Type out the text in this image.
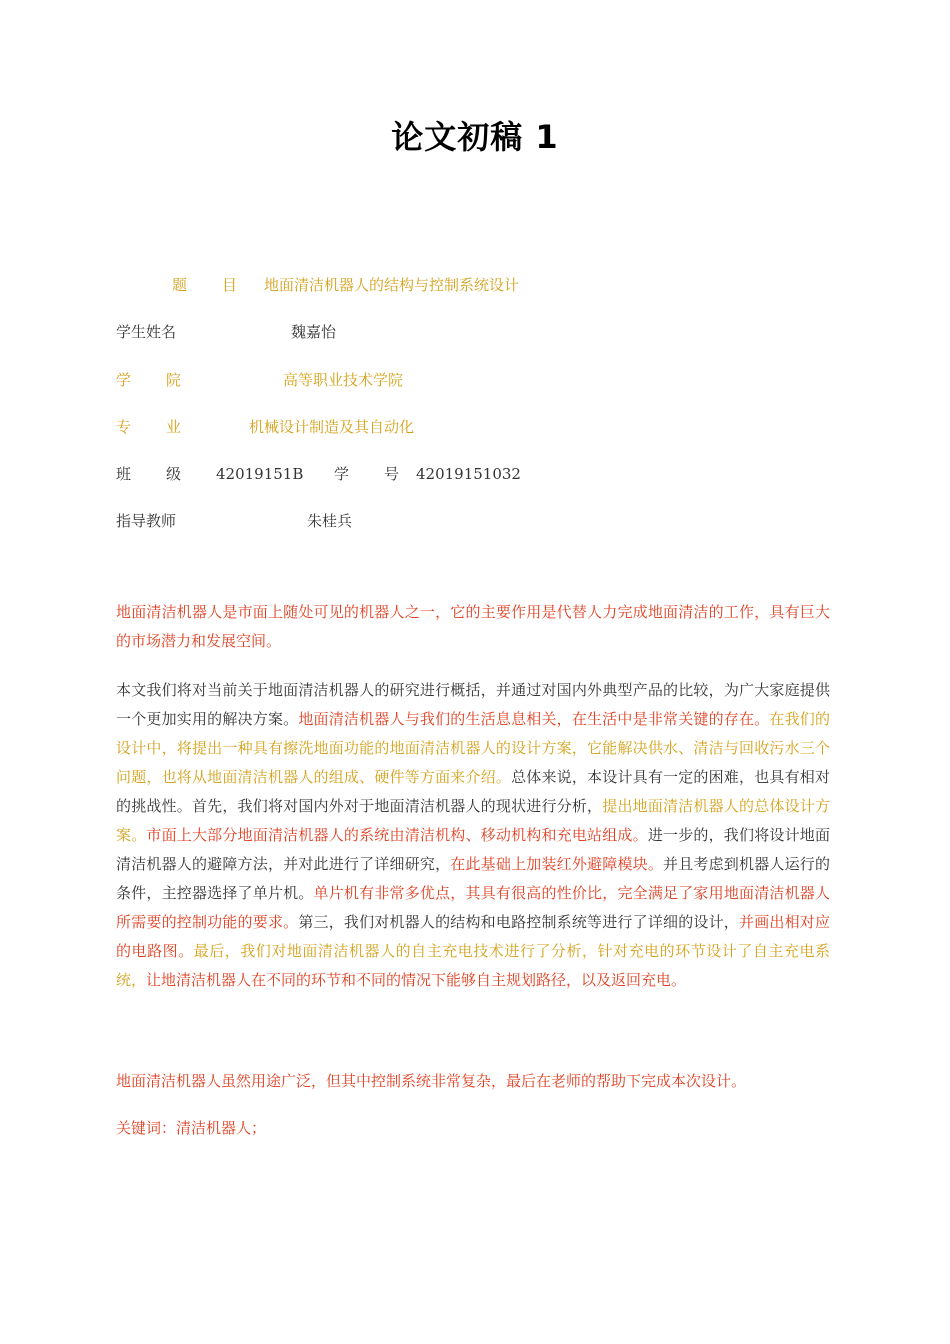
论文初稿 1
题 目 地面清洁机器人的结构与控制系统设计
学生姓名	魏嘉怡
学 院	高等职业技术学院
专 业	机械设计制造及其自动化
班 级 42019151B 学 号 42019151032
指导教师	朱桂兵

地面清洁机器人是市面上随处可见的机器人之一，它的主要作用是代替人力完成地面清洁的工作，具有巨大的市场潜力和发展空间。

本文我们将对当前关于地面清洁机器人的研究进行概括，并通过对国内外典型产品的比较，为广大家庭提供一个更加实用的解决方案。地面清洁机器人与我们的生活息息相关，在生活中是非常关键的存在。在我们的设计中，将提出一种具有擦洗地面功能的地面清洁机器人的设计方案，它能解决供水、清洁与回收污水三个问题，也将从地面清洁机器人的组成、硬件等方面来介绍。总体来说，本设计具有一定的困难，也具有相对的挑战性。首先，我们将对国内外对于地面清洁机器人的现状进行分析，提出地面清洁机器人的总体设计方案。市面上大部分地面清洁机器人的系统由清洁机构、移动机构和充电站组成。进一步的，我们将设计地面清洁机器人的避障方法，并对此进行了详细研究，在此基础上加装红外避障模块。并且考虑到机器人运行的条件，主控器选择了单片机。单片机有非常多优点，其具有很高的性价比，完全满足了家用地面清洁机器人所需要的控制功能的要求。第三，我们对机器人的结构和电路控制系统等进行了详细的设计，并画出相对应的电路图。最后，我们对地面清洁机器人的自主充电技术进行了分析，针对充电的环节设计了自主充电系统，让地清洁机器人在不同的环节和不同的情况下能够自主规划路径，以及返回充电。

地面清洁机器人虽然用途广泛，但其中控制系统非常复杂，最后在老师的帮助下完成本次设计。

关键词：清洁机器人；
